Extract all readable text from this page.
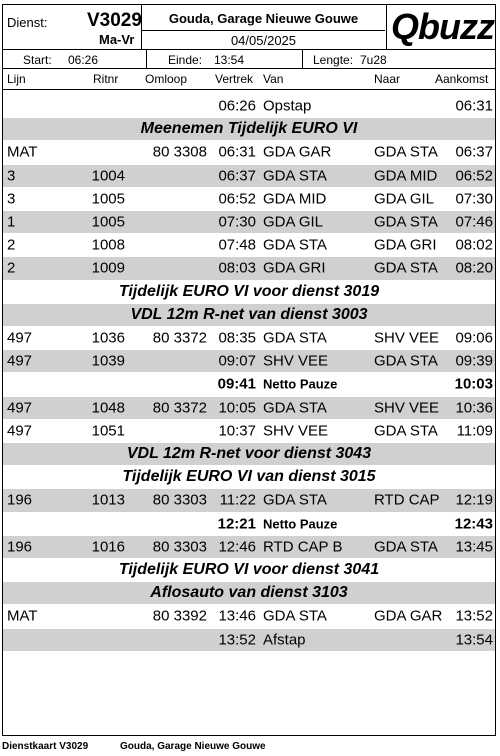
Dienst: V3029
Ma-Vr
Gouda, Garage Nieuwe Gouwe
04/05/2025	Qbuzz
Start: 06:26	Einde: 13:54	Lengte: 7u28
Lijn	Ritnr Omloop Vertrek Van	Naar	Aankomst
06:26 Opstap	06:31
Meenemen Tijdelijk EURO VI
MAT	80 3308 06:31 GDA GAR	GDA STA	06:37
3	1004	06:37 GDA STA	GDA MID	06:52
3	1005	06:52 GDA MID	GDA GIL	07:30
1	1005	07:30 GDA GIL	GDA STA	07:46
2	1008	07:48 GDA STA	GDA GRI	08:02
2	1009	08:03 GDA GRI	GDA STA	08:20
Tijdelijk EURO VI voor dienst 3019
VDL 12m R-net van dienst 3003
497	1036	80 3372 08:35 GDA STA	SHV VEE	09:06
497	1039	09:07 SHV VEE	GDA STA	09:39
09:41 Netto Pauze	10:03
497	1048	80 3372 10:05 GDA STA	SHV VEE	10:36
497	1051	10:37 SHV VEE	GDA STA	11:09
VDL 12m R-net voor dienst 3043
Tijdelijk EURO VI van dienst 3015
196	1013	80 3303 11:22 GDA STA	RTD CAP	12:19
12:21 Netto Pauze	12:43
196	1016	80 3303 12:46 RTD CAP B	GDA STA	13:45
Tijdelijk EURO VI voor dienst 3041
Aflosauto van dienst 3103
MAT	80 3392 13:46 GDA STA	GDA GAR 13:52
13:52 Afstap	13:54
Dienstkaart V3029	Gouda, Garage Nieuwe Gouwe
